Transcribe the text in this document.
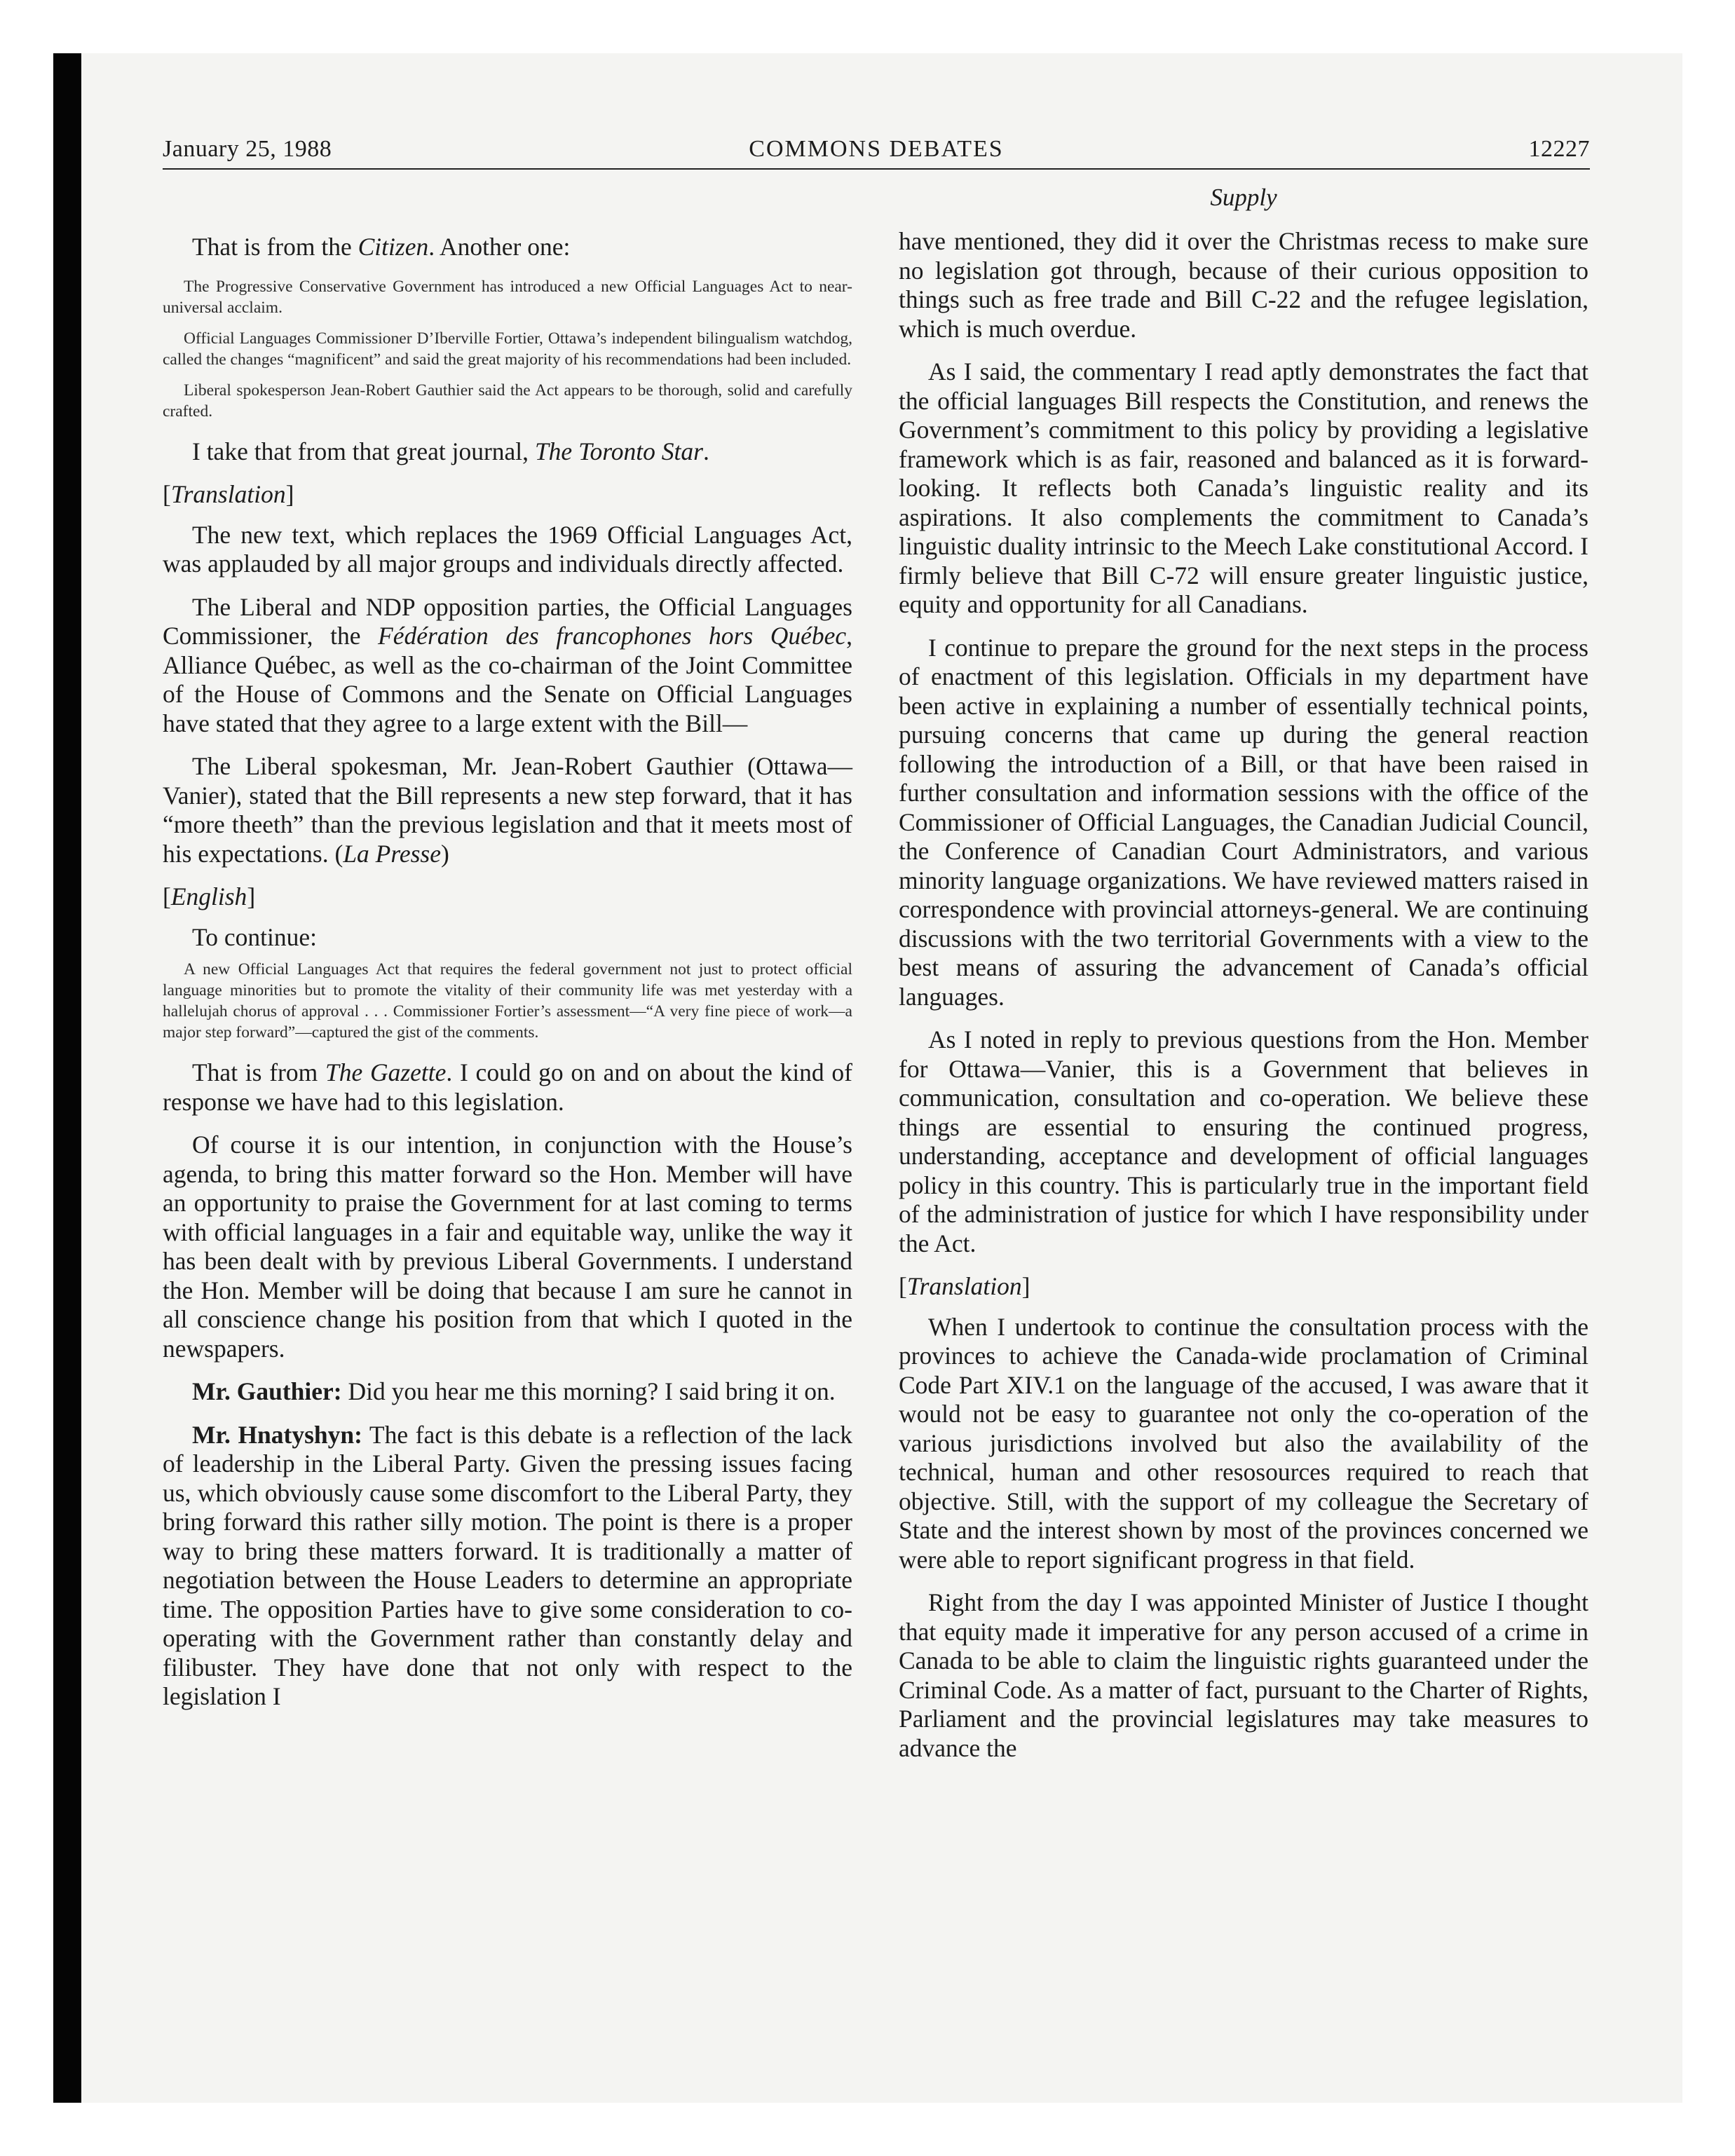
January 25, 1988	COMMONS DEBATES	12227

That is from the Citizen. Another one:

The Progressive Conservative Government has introduced a new Official Languages Act to near-universal acclaim.

Official Languages Commissioner D’Iberville Fortier, Ottawa’s independent bilingualism watchdog, called the changes “magnificent” and said the great majority of his recommendations had been included.

Liberal spokesperson Jean-Robert Gauthier said the Act appears to be thorough, solid and carefully crafted.

I take that from that great journal, The Toronto Star.

[Translation]

The new text, which replaces the 1969 Official Languages Act, was applauded by all major groups and individuals directly affected.

The Liberal and NDP opposition parties, the Official Languages Commissioner, the Fédération des francophones hors Québec, Alliance Québec, as well as the co-chairman of the Joint Committee of the House of Commons and the Senate on Official Languages have stated that they agree to a large extent with the Bill—

The Liberal spokesman, Mr. Jean-Robert Gauthier (Ottawa—Vanier), stated that the Bill represents a new step forward, that it has “more theeth” than the previous legislation and that it meets most of his expectations. (La Presse)

[English]

To continue:

A new Official Languages Act that requires the federal government not just to protect official language minorities but to promote the vitality of their community life was met yesterday with a hallelujah chorus of approval . . . Commissioner Fortier’s assessment—“A very fine piece of work—a major step forward”—captured the gist of the comments.

That is from The Gazette. I could go on and on about the kind of response we have had to this legislation.

Of course it is our intention, in conjunction with the House’s agenda, to bring this matter forward so the Hon. Member will have an opportunity to praise the Government for at last coming to terms with official languages in a fair and equitable way, unlike the way it has been dealt with by previous Liberal Governments. I understand the Hon. Member will be doing that because I am sure he cannot in all conscience change his position from that which I quoted in the newspapers.

Mr. Gauthier: Did you hear me this morning? I said bring it on.

Mr. Hnatyshyn: The fact is this debate is a reflection of the lack of leadership in the Liberal Party. Given the pressing issues facing us, which obviously cause some discomfort to the Liberal Party, they bring forward this rather silly motion. The point is there is a proper way to bring these matters forward. It is traditionally a matter of negotiation between the House Leaders to determine an appropriate time. The opposition Parties have to give some consideration to co-operating with the Government rather than constantly delay and filibuster. They have done that not only with respect to the legislation I

Supply

have mentioned, they did it over the Christmas recess to make sure no legislation got through, because of their curious opposition to things such as free trade and Bill C-22 and the refugee legislation, which is much overdue.

As I said, the commentary I read aptly demonstrates the fact that the official languages Bill respects the Constitution, and renews the Government’s commitment to this policy by providing a legislative framework which is as fair, reasoned and balanced as it is forward-looking. It reflects both Canada’s linguistic reality and its aspirations. It also complements the commitment to Canada’s linguistic duality intrinsic to the Meech Lake constitutional Accord. I firmly believe that Bill C-72 will ensure greater linguistic justice, equity and opportunity for all Canadians.

I continue to prepare the ground for the next steps in the process of enactment of this legislation. Officials in my department have been active in explaining a number of essentially technical points, pursuing concerns that came up during the general reaction following the introduction of a Bill, or that have been raised in further consultation and information sessions with the office of the Commissioner of Official Languages, the Canadian Judicial Council, the Conference of Canadian Court Administrators, and various minority language organizations. We have reviewed matters raised in correspondence with provincial attorneys-general. We are continuing discussions with the two territorial Governments with a view to the best means of assuring the advancement of Canada’s official languages.

As I noted in reply to previous questions from the Hon. Member for Ottawa—Vanier, this is a Government that believes in communication, consultation and co-operation. We believe these things are essential to ensuring the continued progress, understanding, acceptance and development of official languages policy in this country. This is particularly true in the important field of the administration of justice for which I have responsibility under the Act.

[Translation]

When I undertook to continue the consultation process with the provinces to achieve the Canada-wide proclamation of Criminal Code Part XIV.1 on the language of the accused, I was aware that it would not be easy to guarantee not only the co-operation of the various jurisdictions involved but also the availability of the technical, human and other resosources required to reach that objective. Still, with the support of my colleague the Secretary of State and the interest shown by most of the provinces concerned we were able to report significant progress in that field.

Right from the day I was appointed Minister of Justice I thought that equity made it imperative for any person accused of a crime in Canada to be able to claim the linguistic rights guaranteed under the Criminal Code. As a matter of fact, pursuant to the Charter of Rights, Parliament and the provincial legislatures may take measures to advance the
